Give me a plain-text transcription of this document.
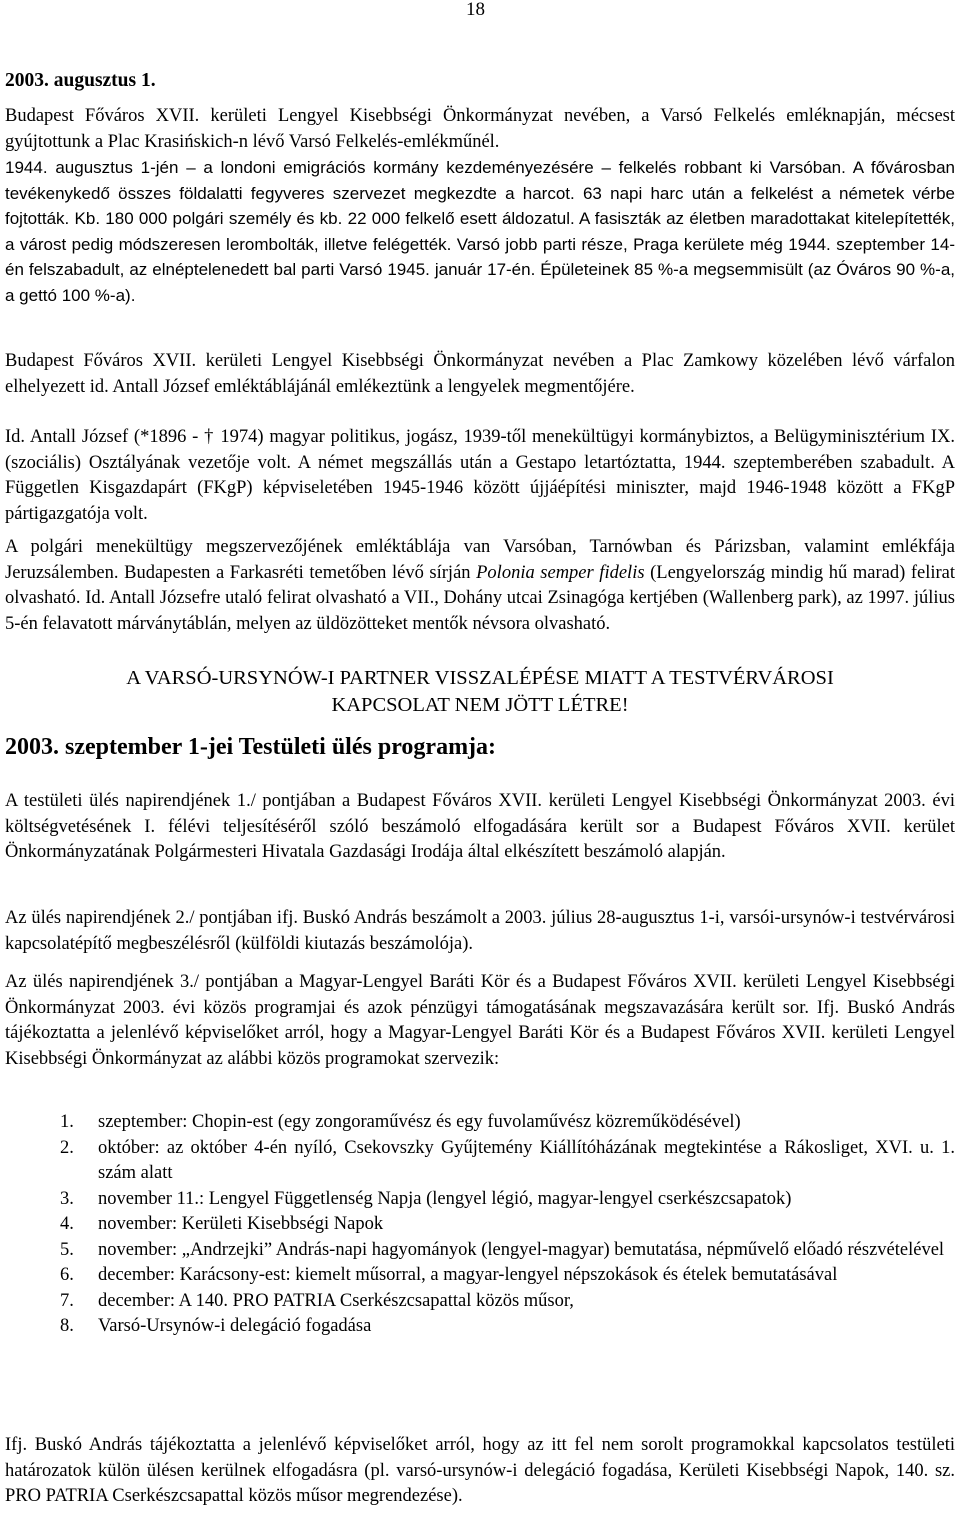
18
2003. augusztus 1.

Budapest Főváros XVII. kerületi Lengyel Kisebbségi Önkormányzat nevében, a Varsó Felkelés emléknapján, mécsest gyújtottunk a Plac Krasińskich-n lévő Varsó Felkelés-emlékműnél.

1944. augusztus 1-jén – a londoni emigrációs kormány kezdeményezésére – felkelés robbant ki Varsóban. A fővárosban tevékenykedő összes földalatti fegyveres szervezet megkezdte a harcot. 63 napi harc után a felkelést a németek vérbe fojtották. Kb. 180 000 polgári személy és kb. 22 000 felkelő esett áldozatul. A fasiszták az életben maradottakat kitelepítették, a várost pedig módszeresen lerombolták, illetve felégették. Varsó jobb parti része, Praga kerülete még 1944. szeptember 14-én felszabadult, az elnéptelenedett bal parti Varsó 1945. január 17-én. Épületeinek 85 %-a megsemmisült (az Óváros 90 %-a, a gettó 100 %-a).

Budapest Főváros XVII. kerületi Lengyel Kisebbségi Önkormányzat nevében a Plac Zamkowy közelében lévő várfalon elhelyezett id. Antall József emléktáblájánál emlékeztünk a lengyelek megmentőjére.

Id. Antall József (*1896 - † 1974) magyar politikus, jogász, 1939-től menekültügyi kormánybiztos, a Belügyminisztérium IX. (szociális) Osztályának vezetője volt. A német megszállás után a Gestapo letartóztatta, 1944. szeptemberében szabadult. A Független Kisgazdapárt (FKgP) képviseletében 1945-1946 között újjáépítési miniszter, majd 1946-1948 között a FKgP pártigazgatója volt.

A polgári menekültügy megszervezőjének emléktáblája van Varsóban, Tarnówban és Párizsban, valamint emlékfája Jeruzsálemben. Budapesten a Farkasréti temetőben lévő sírján Polonia semper fidelis (Lengyelország mindig hű marad) felirat olvasható. Id. Antall Józsefre utaló felirat olvasható a VII., Dohány utcai Zsinagóga kertjében (Wallenberg park), az 1997. július 5-én felavatott márványtáblán, melyen az üldözötteket mentők névsora olvasható.

A VARSÓ-URSYNÓW-I PARTNER VISSZALÉPÉSE MIATT A TESTVÉRVÁROSI
KAPCSOLAT NEM JÖTT LÉTRE!
2003. szeptember 1-jei Testületi ülés programja:

A testületi ülés napirendjének 1./ pontjában a Budapest Főváros XVII. kerületi Lengyel Kisebbségi Önkormányzat 2003. évi költségvetésének I. félévi teljesítéséről szóló beszámoló elfogadására került sor a Budapest Főváros XVII. kerület Önkormányzatának Polgármesteri Hivatala Gazdasági Irodája által elkészített beszámoló alapján.

Az ülés napirendjének 2./ pontjában ifj. Buskó András beszámolt a 2003. július 28-augusztus 1-i, varsói-ursynów-i testvérvárosi kapcsolatépítő megbeszélésről (külföldi kiutazás beszámolója).

Az ülés napirendjének 3./ pontjában a Magyar-Lengyel Baráti Kör és a Budapest Főváros XVII. kerületi Lengyel Kisebbségi Önkormányzat 2003. évi közös programjai és azok pénzügyi támogatásának megszavazására került sor. Ifj. Buskó András tájékoztatta a jelenlévő képviselőket arról, hogy a Magyar-Lengyel Baráti Kör és a Budapest Főváros XVII. kerületi Lengyel Kisebbségi Önkormányzat az alábbi közös programokat szervezik:

1. szeptember: Chopin-est (egy zongoraművész és egy fuvolaművész közreműködésével)
2. október: az október 4-én nyíló, Csekovszky Gyűjtemény Kiállítóházának megtekintése a Rákosliget, XVI. u. 1. szám alatt
3. november 11.: Lengyel Függetlenség Napja (lengyel légió, magyar-lengyel cserkészcsapatok)
4. november: Kerületi Kisebbségi Napok
5. november: „Andrzejki” András-napi hagyományok (lengyel-magyar) bemutatása, népművelő előadó részvételével
6. december: Karácsony-est: kiemelt műsorral, a magyar-lengyel népszokások és ételek bemutatásával
7. december: A 140. PRO PATRIA Cserkészcsapattal közös műsor,
8. Varsó-Ursynów-i delegáció fogadása

Ifj. Buskó András tájékoztatta a jelenlévő képviselőket arról, hogy az itt fel nem sorolt programokkal kapcsolatos testületi határozatok külön ülésen kerülnek elfogadásra (pl. varsó-ursynów-i delegáció fogadása, Kerületi Kisebbségi Napok, 140. sz. PRO PATRIA Cserkészcsapattal közös műsor megrendezése).
